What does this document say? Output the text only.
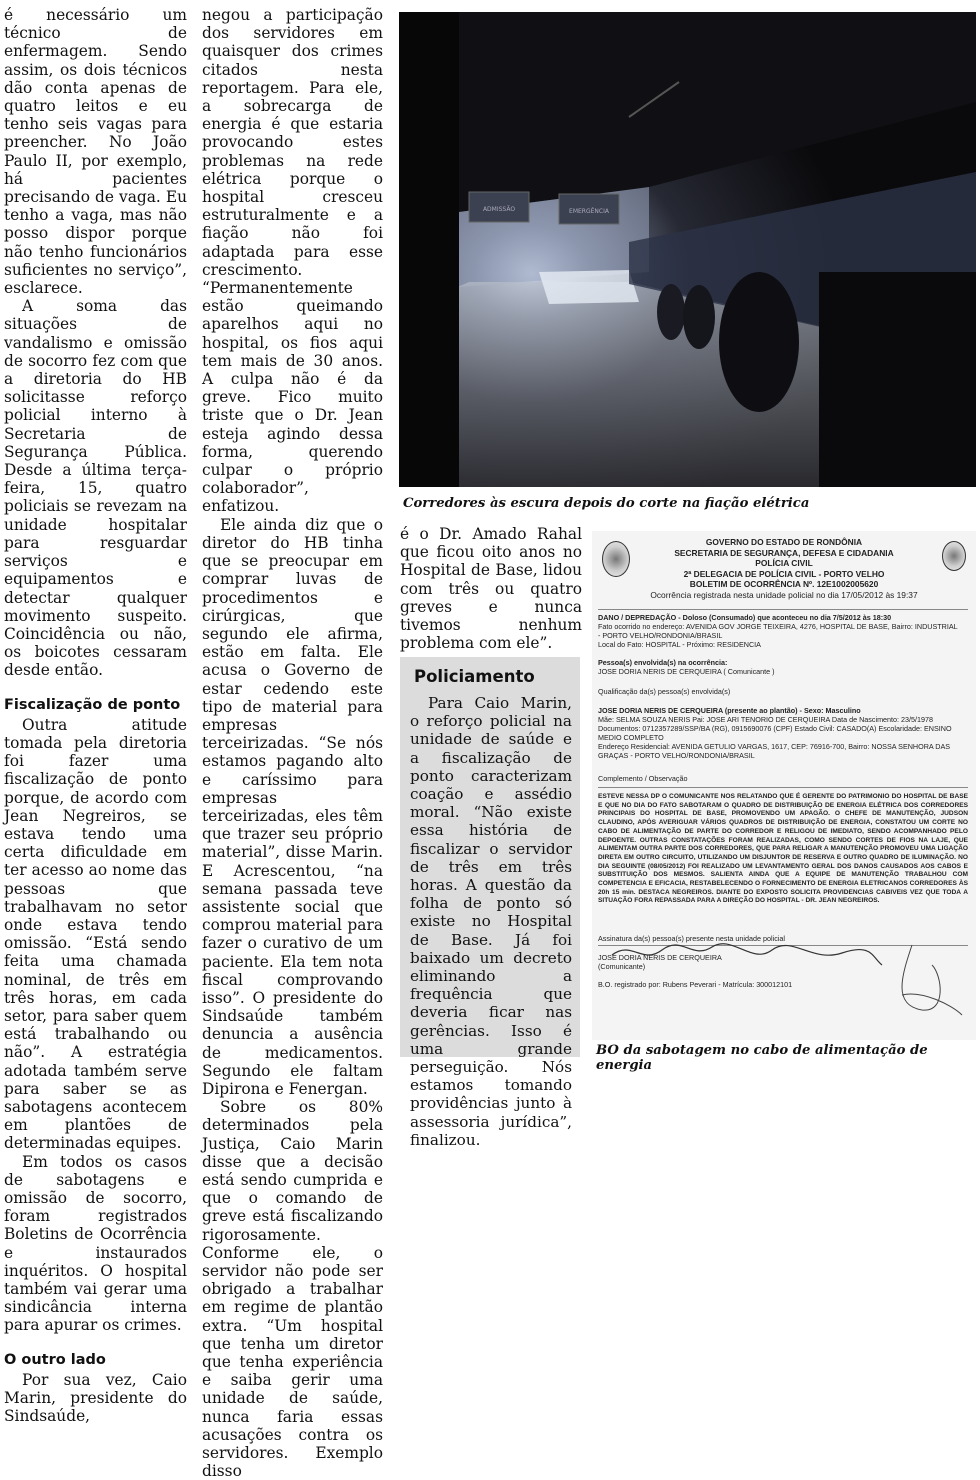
é necessário um técnico de enfermagem. Sendo assim, os dois técnicos dão conta apenas de quatro leitos e eu tenho seis vagas para preencher. No João Paulo II, por exemplo, há pacientes precisando de vaga. Eu tenho a vaga, mas não posso dispor porque não tenho funcionários suficientes no serviço”, esclarece.

A soma das situações de vandalismo e omissão de socorro fez com que a diretoria do HB solicitasse reforço policial interno à Secretaria de Segurança Pública. Desde a última terça-feira, 15, quatro policiais se revezam na unidade hospitalar para resguardar serviços e equipamentos e detectar qualquer movimento suspeito. Coincidência ou não, os boicotes cessaram desde então.

Fiscalização de ponto

Outra atitude tomada pela diretoria foi fazer uma fiscalização de ponto porque, de acordo com Jean Negreiros, se estava tendo uma certa dificuldade em ter acesso ao nome das pessoas que trabalhavam no setor onde estava tendo omissão. “Está sendo feita uma chamada nominal, de três em três horas, em cada setor, para saber quem está trabalhando ou não”. A estratégia adotada também serve para saber se as sabotagens acontecem em plantões de determinadas equipes.

Em todos os casos de sabotagens e omissão de socorro, foram registrados Boletins de Ocorrência e instaurados inquéritos. O hospital também vai gerar uma sindicância interna para apurar os crimes.

O outro lado

Por sua vez, Caio Marin, presidente do Sindsaúde,

negou a participação dos servidores em quaisquer dos crimes citados nesta reportagem. Para ele, a sobrecarga de energia é que estaria provocando estes problemas na rede elétrica porque o hospital cresceu estruturalmente e a fiação não foi adaptada para esse crescimento. “Permanentemente estão queimando aparelhos aqui no hospital, os fios aqui tem mais de 30 anos. A culpa não é da greve. Fico muito triste que o Dr. Jean esteja agindo dessa forma, querendo culpar o próprio colaborador”, enfatizou.

Ele ainda diz que o diretor do HB tinha que se preocupar em comprar luvas de procedimentos e cirúrgicas, que segundo ele afirma, estão em falta. Ele acusa o Governo de estar cedendo este tipo de material para empresas terceirizadas. “Se nós estamos pagando alto e caríssimo para empresas terceirizadas, eles têm que trazer seu próprio material”, disse Marin. E Acrescentou, “na semana passada teve assistente social que comprou material para fazer o curativo de um paciente. Ela tem nota fiscal comprovando isso”. O presidente do Sindsaúde também denuncia a ausência de medicamentos. Segundo ele faltam Dipirona e Fenergan.

Sobre os 80% determinados pela Justiça, Caio Marin disse que a decisão está sendo cumprida e que o comando de greve está fiscalizando rigorosamente. Conforme ele, o servidor não pode ser obrigado a trabalhar em regime de plantão extra. “Um hospital que tenha um diretor que tenha experiência e saiba gerir uma unidade de saúde, nunca faria essas acusações contra os servidores. Exemplo disso

ADMISSÃO	EMERGÊNCIA
Corredores às escura depois do corte na fiação elétrica

é o Dr. Amado Rahal que ficou oito anos no Hospital de Base, lidou com três ou quatro greves e nunca tivemos nenhum problema com ele”.

Policiamento

Para Caio Marin, o reforço policial na unidade de saúde e a fiscalização de ponto caracterizam coação e assédio moral. “Não existe essa história de fiscalizar o servidor de três em três horas. A questão da folha de ponto só existe no Hospital de Base. Já foi baixado um decreto eliminando a frequência que deveria ficar nas gerências. Isso é uma grande perseguição. Nós estamos tomando providências junto à assessoria jurídica”, finalizou.

GOVERNO DO ESTADO DE RONDÔNIA
SECRETARIA DE SEGURANÇA, DEFESA E CIDADANIA
POLÍCIA CIVIL
2ª DELEGACIA DE POLÍCIA CIVIL - PORTO VELHO
BOLETIM DE OCORRÊNCIA Nº. 12E1002005620
Ocorrência registrada nesta unidade policial no dia 17/05/2012 às 19:37
DANO / DEPREDAÇÃO - Doloso (Consumado) que aconteceu no dia 7/5/2012 às 18:30
Fato ocorrido no endereço: AVENIDA GOV JORGE TEIXEIRA, 4276, HOSPITAL DE BASE, Bairro: INDUSTRIAL
- PORTO VELHO/RONDONIA/BRASIL
Local do Fato: HOSPITAL - Próximo: RESIDENCIA
Pessoa(s) envolvida(s) na ocorrência:
JOSE DORIA NERIS DE CERQUEIRA ( Comunicante )
Qualificação da(s) pessoa(s) envolvida(s)
JOSE DORIA NERIS DE CERQUEIRA (presente ao plantão) - Sexo: Masculino
Mãe: SELMA SOUZA NERIS Pai: JOSE ARI TENORIO DE CERQUEIRA Data de Nascimento: 23/5/1978
Documentos: 0712357289/SSP/BA (RG), 0915690076 (CPF) Estado Civil: CASADO(A) Escolaridade: ENSINO
MEDIO COMPLETO
Endereço Residencial: AVENIDA GETULIO VARGAS, 1617, CEP: 76916-700, Bairro: NOSSA SENHORA DAS
GRAÇAS - PORTO VELHO/RONDONIA/BRASIL
Complemento / Observação
ESTEVE NESSA DP O COMUNICANTE NOS RELATANDO QUE É GERENTE DO PATRIMONIO DO HOSPITAL DE BASE E QUE NO DIA DO FATO SABOTARAM O QUADRO DE DISTRIBUIÇÃO DE ENERGIA ELÉTRICA DOS CORREDORES PRINCIPAIS DO HOSPITAL DE BASE, PROMOVENDO UM APAGÃO. O CHEFE DE MANUTENÇÃO, JUDSON CLAUDINO, APÓS AVERIGUAR VÁRIOS QUADROS DE DISTRIBUIÇÃO DE ENERGIA, CONSTATOU UM CORTE NO CABO DE ALIMENTAÇÃO DE PARTE DO CORREDOR E RELIGOU DE IMEDIATO, SENDO ACOMPANHADO PELO DEPOENTE. OUTRAS CONSTATAÇÕES FORAM REALIZADAS, COMO SENDO CORTES DE FIOS NA LAJE, QUE ALIMENTAM OUTRA PARTE DOS CORREDORES, QUE PARA RELIGAR A MANUTENÇÃO PROMOVEU UMA LIGAÇÃO DIRETA EM OUTRO CIRCUITO, UTILIZANDO UM DISJUNTOR DE RESERVA E OUTRO QUADRO DE ILUMINAÇÃO. NO DIA SEGUINTE (08/05/2012) FOI REALIZADO UM LEVANTAMENTO GERAL DOS DANOS CAUSADOS AOS CABOS E SUBSTITUIÇÃO DOS MESMOS. SALIENTA AINDA QUE A EQUIPE DE MANUTENÇÃO TRABALHOU COM COMPETENCIA E EFICACIA, RESTABELECENDO O FORNECIMENTO DE ENERGIA ELETRICANOS CORREDORES ÀS 20h 15 min. DESTACA NEGREIROS. DIANTE DO EXPOSTO SOLICITA PROVIDENCIAS CABIVEIS VEZ QUE TODA A SITUAÇÃO FORA REPASSADA PARA A DIREÇÃO DO HOSPITAL - DR. JEAN NEGREIROS.
Assinatura da(s) pessoa(s) presente nesta unidade policial
JOSE DORIA NERIS DE CERQUEIRA
(Comunicante)
B.O. registrado por: Rubens Peverari - Matrícula: 300012101
BO da sabotagem no cabo de alimentação de energia
